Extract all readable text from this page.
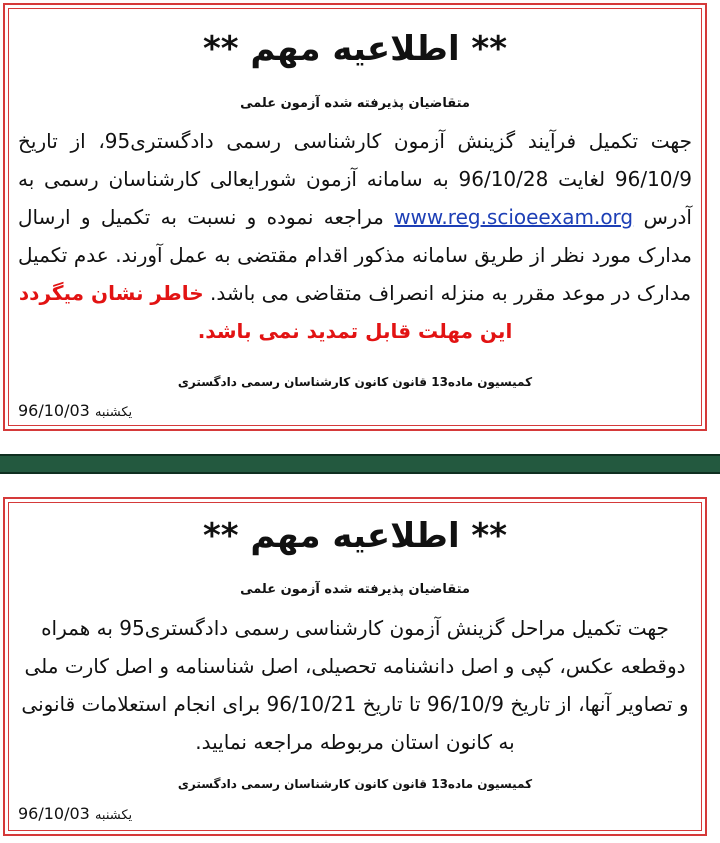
** اطلاعیه مهم **
متقاضیان پذیرفته شده آزمون علمی
جهت تکمیل فرآیند گزینش آزمون کارشناسی رسمی دادگستری95، از تاریخ 96/10/9 لغایت 96/10/28 به سامانه آزمون شورایعالی کارشناسان رسمی به آدرس www.reg.scioeexam.org مراجعه نموده و نسبت به تکمیل و ارسال مدارک مورد نظر از طریق سامانه مذکور اقدام مقتضی به عمل آورند. عدم تکمیل مدارک در موعد مقرر به منزله انصراف متقاضی می باشد. خاطر نشان میگردد
این مهلت قابل تمدید نمی باشد.
کمیسیون ماده13 قانون کانون کارشناسان رسمی دادگستری
یکشنبه 96/10/03
** اطلاعیه مهم **
متقاضیان پذیرفته شده آزمون علمی
جهت تکمیل مراحل گزینش آزمون کارشناسی رسمی دادگستری95 به همراه دوقطعه عکس، کپی و اصل دانشنامه تحصیلی، اصل شناسنامه و اصل کارت ملی و تصاویر آنها، از تاریخ 96/10/9 تا تاریخ 96/10/21 برای انجام استعلامات قانونی به کانون استان مربوطه مراجعه نمایید.
کمیسیون ماده13 قانون کانون کارشناسان رسمی دادگستری
یکشنبه 96/10/03
